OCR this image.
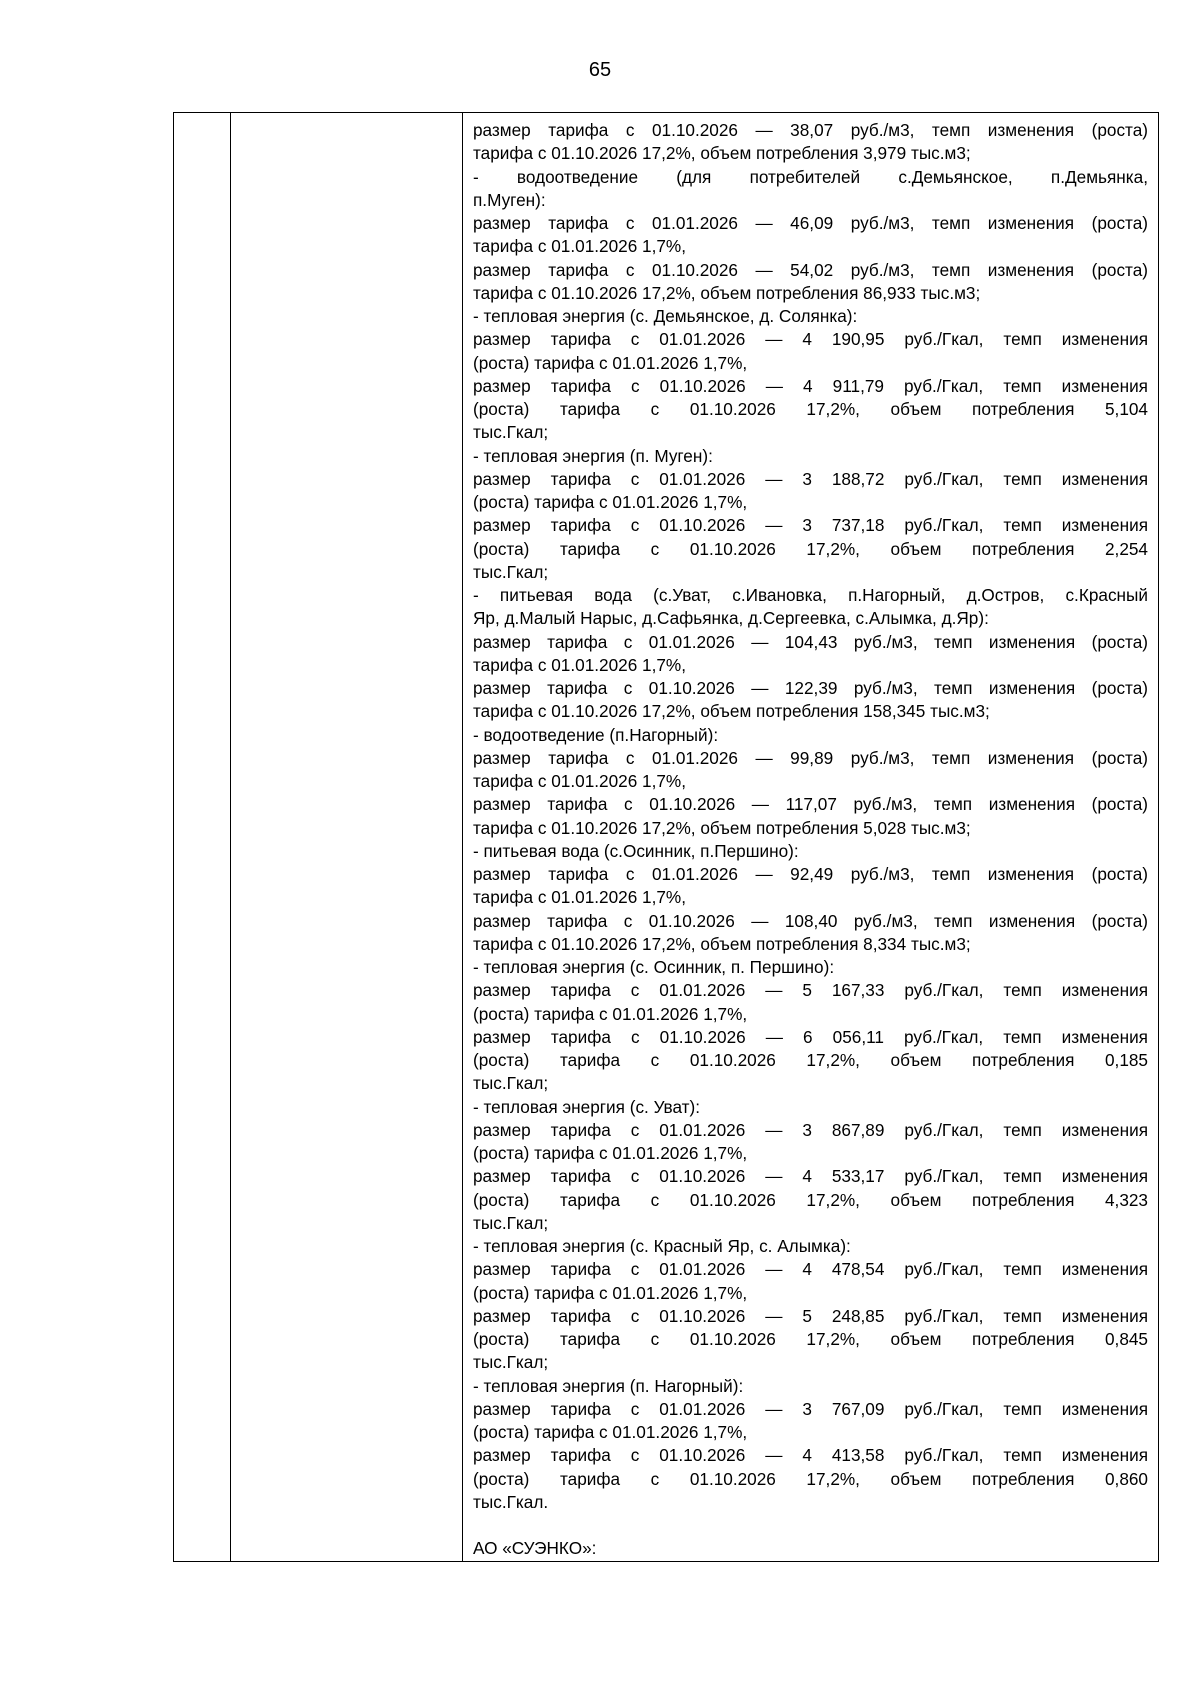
65

размер тарифа с 01.10.2026 — 38,07 руб./м3, темп изменения (роста)
тарифа с 01.10.2026 17,2%, объем потребления 3,979 тыс.м3;
- водоотведение (для потребителей с.Демьянское, п.Демьянка,
п.Муген):
размер тарифа с 01.01.2026 — 46,09 руб./м3, темп изменения (роста)
тарифа с 01.01.2026 1,7%,
размер тарифа с 01.10.2026 — 54,02 руб./м3, темп изменения (роста)
тарифа с 01.10.2026 17,2%, объем потребления 86,933 тыс.м3;
- тепловая энергия (с. Демьянское, д. Солянка):
размер тарифа с 01.01.2026 — 4 190,95 руб./Гкал, темп изменения
(роста) тарифа с 01.01.2026 1,7%,
размер тарифа с 01.10.2026 — 4 911,79 руб./Гкал, темп изменения
(роста) тарифа с 01.10.2026 17,2%, объем потребления 5,104
тыс.Гкал;
- тепловая энергия (п. Муген):
размер тарифа с 01.01.2026 — 3 188,72 руб./Гкал, темп изменения
(роста) тарифа с 01.01.2026 1,7%,
размер тарифа с 01.10.2026 — 3 737,18 руб./Гкал, темп изменения
(роста) тарифа с 01.10.2026 17,2%, объем потребления 2,254
тыс.Гкал;
- питьевая вода (с.Уват, с.Ивановка, п.Нагорный, д.Остров, с.Красный
Яр, д.Малый Нарыс, д.Сафьянка, д.Сергеевка, с.Алымка, д.Яр):
размер тарифа с 01.01.2026 — 104,43 руб./м3, темп изменения (роста)
тарифа с 01.01.2026 1,7%,
размер тарифа с 01.10.2026 — 122,39 руб./м3, темп изменения (роста)
тарифа с 01.10.2026 17,2%, объем потребления 158,345 тыс.м3;
- водоотведение (п.Нагорный):
размер тарифа с 01.01.2026 — 99,89 руб./м3, темп изменения (роста)
тарифа с 01.01.2026 1,7%,
размер тарифа с 01.10.2026 — 117,07 руб./м3, темп изменения (роста)
тарифа с 01.10.2026 17,2%, объем потребления 5,028 тыс.м3;
- питьевая вода (с.Осинник, п.Першино):
размер тарифа с 01.01.2026 — 92,49 руб./м3, темп изменения (роста)
тарифа с 01.01.2026 1,7%,
размер тарифа с 01.10.2026 — 108,40 руб./м3, темп изменения (роста)
тарифа с 01.10.2026 17,2%, объем потребления 8,334 тыс.м3;
- тепловая энергия (с. Осинник, п. Першино):
размер тарифа с 01.01.2026 — 5 167,33 руб./Гкал, темп изменения
(роста) тарифа с 01.01.2026 1,7%,
размер тарифа с 01.10.2026 — 6 056,11 руб./Гкал, темп изменения
(роста) тарифа с 01.10.2026 17,2%, объем потребления 0,185
тыс.Гкал;
- тепловая энергия (с. Уват):
размер тарифа с 01.01.2026 — 3 867,89 руб./Гкал, темп изменения
(роста) тарифа с 01.01.2026 1,7%,
размер тарифа с 01.10.2026 — 4 533,17 руб./Гкал, темп изменения
(роста) тарифа с 01.10.2026 17,2%, объем потребления 4,323
тыс.Гкал;
- тепловая энергия (с. Красный Яр, с. Алымка):
размер тарифа с 01.01.2026 — 4 478,54 руб./Гкал, темп изменения
(роста) тарифа с 01.01.2026 1,7%,
размер тарифа с 01.10.2026 — 5 248,85 руб./Гкал, темп изменения
(роста) тарифа с 01.10.2026 17,2%, объем потребления 0,845
тыс.Гкал;
- тепловая энергия (п. Нагорный):
размер тарифа с 01.01.2026 — 3 767,09 руб./Гкал, темп изменения
(роста) тарифа с 01.01.2026 1,7%,
размер тарифа с 01.10.2026 — 4 413,58 руб./Гкал, темп изменения
(роста) тарифа с 01.10.2026 17,2%, объем потребления 0,860
тыс.Гкал.
АО «СУЭНКО»:
